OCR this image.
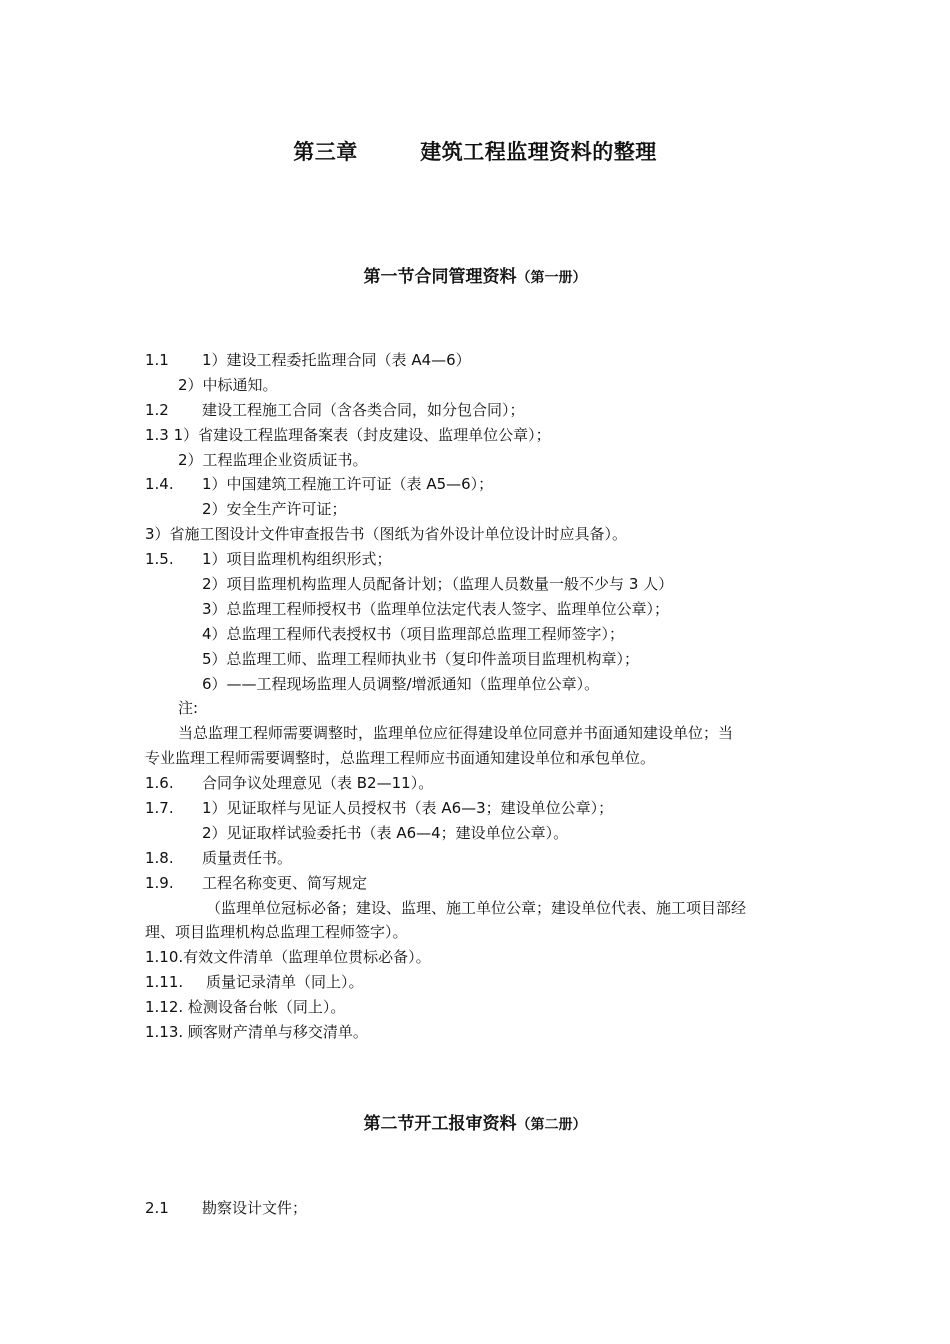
第三章        建筑工程监理资料的整理
第一节合同管理资料（第一册）
1.1 1）建设工程委托监理合同（表 A4—6）
2）中标通知。
1.2 建设工程施工合同（含各类合同，如分包合同）；
1.3 1）省建设工程监理备案表（封皮建设、监理单位公章）；
2）工程监理企业资质证书。
1.4. 1）中国建筑工程施工许可证（表 A5—6）；
2）安全生产许可证；
3）省施工图设计文件审查报告书（图纸为省外设计单位设计时应具备）。
1.5. 1）项目监理机构组织形式；
2）项目监理机构监理人员配备计划；（监理人员数量一般不少与 3 人）
3）总监理工程师授权书（监理单位法定代表人签字、监理单位公章）；
4）总监理工程师代表授权书（项目监理部总监理工程师签字）；
5）总监理工师、监理工程师执业书（复印件盖项目监理机构章）；
6）——工程现场监理人员调整/增派通知（监理单位公章）。
注:
当总监理工程师需要调整时，监理单位应征得建设单位同意并书面通知建设单位；当
专业监理工程师需要调整时，总监理工程师应书面通知建设单位和承包单位。
1.6. 合同争议处理意见（表 B2—11）。
1.7. 1）见证取样与见证人员授权书（表 A6—3；建设单位公章）；
2）见证取样试验委托书（表 A6—4；建设单位公章）。
1.8. 质量责任书。
1.9. 工程名称变更、简写规定
（监理单位冠标必备；建设、监理、施工单位公章；建设单位代表、施工项目部经
理、项目监理机构总监理工程师签字）。
1.10.有效文件清单（监理单位贯标必备）。
1.11. 质量记录清单（同上）。
1.12. 检测设备台帐（同上）。
1.13. 顾客财产清单与移交清单。
第二节开工报审资料（第二册）
2.1 勘察设计文件；
